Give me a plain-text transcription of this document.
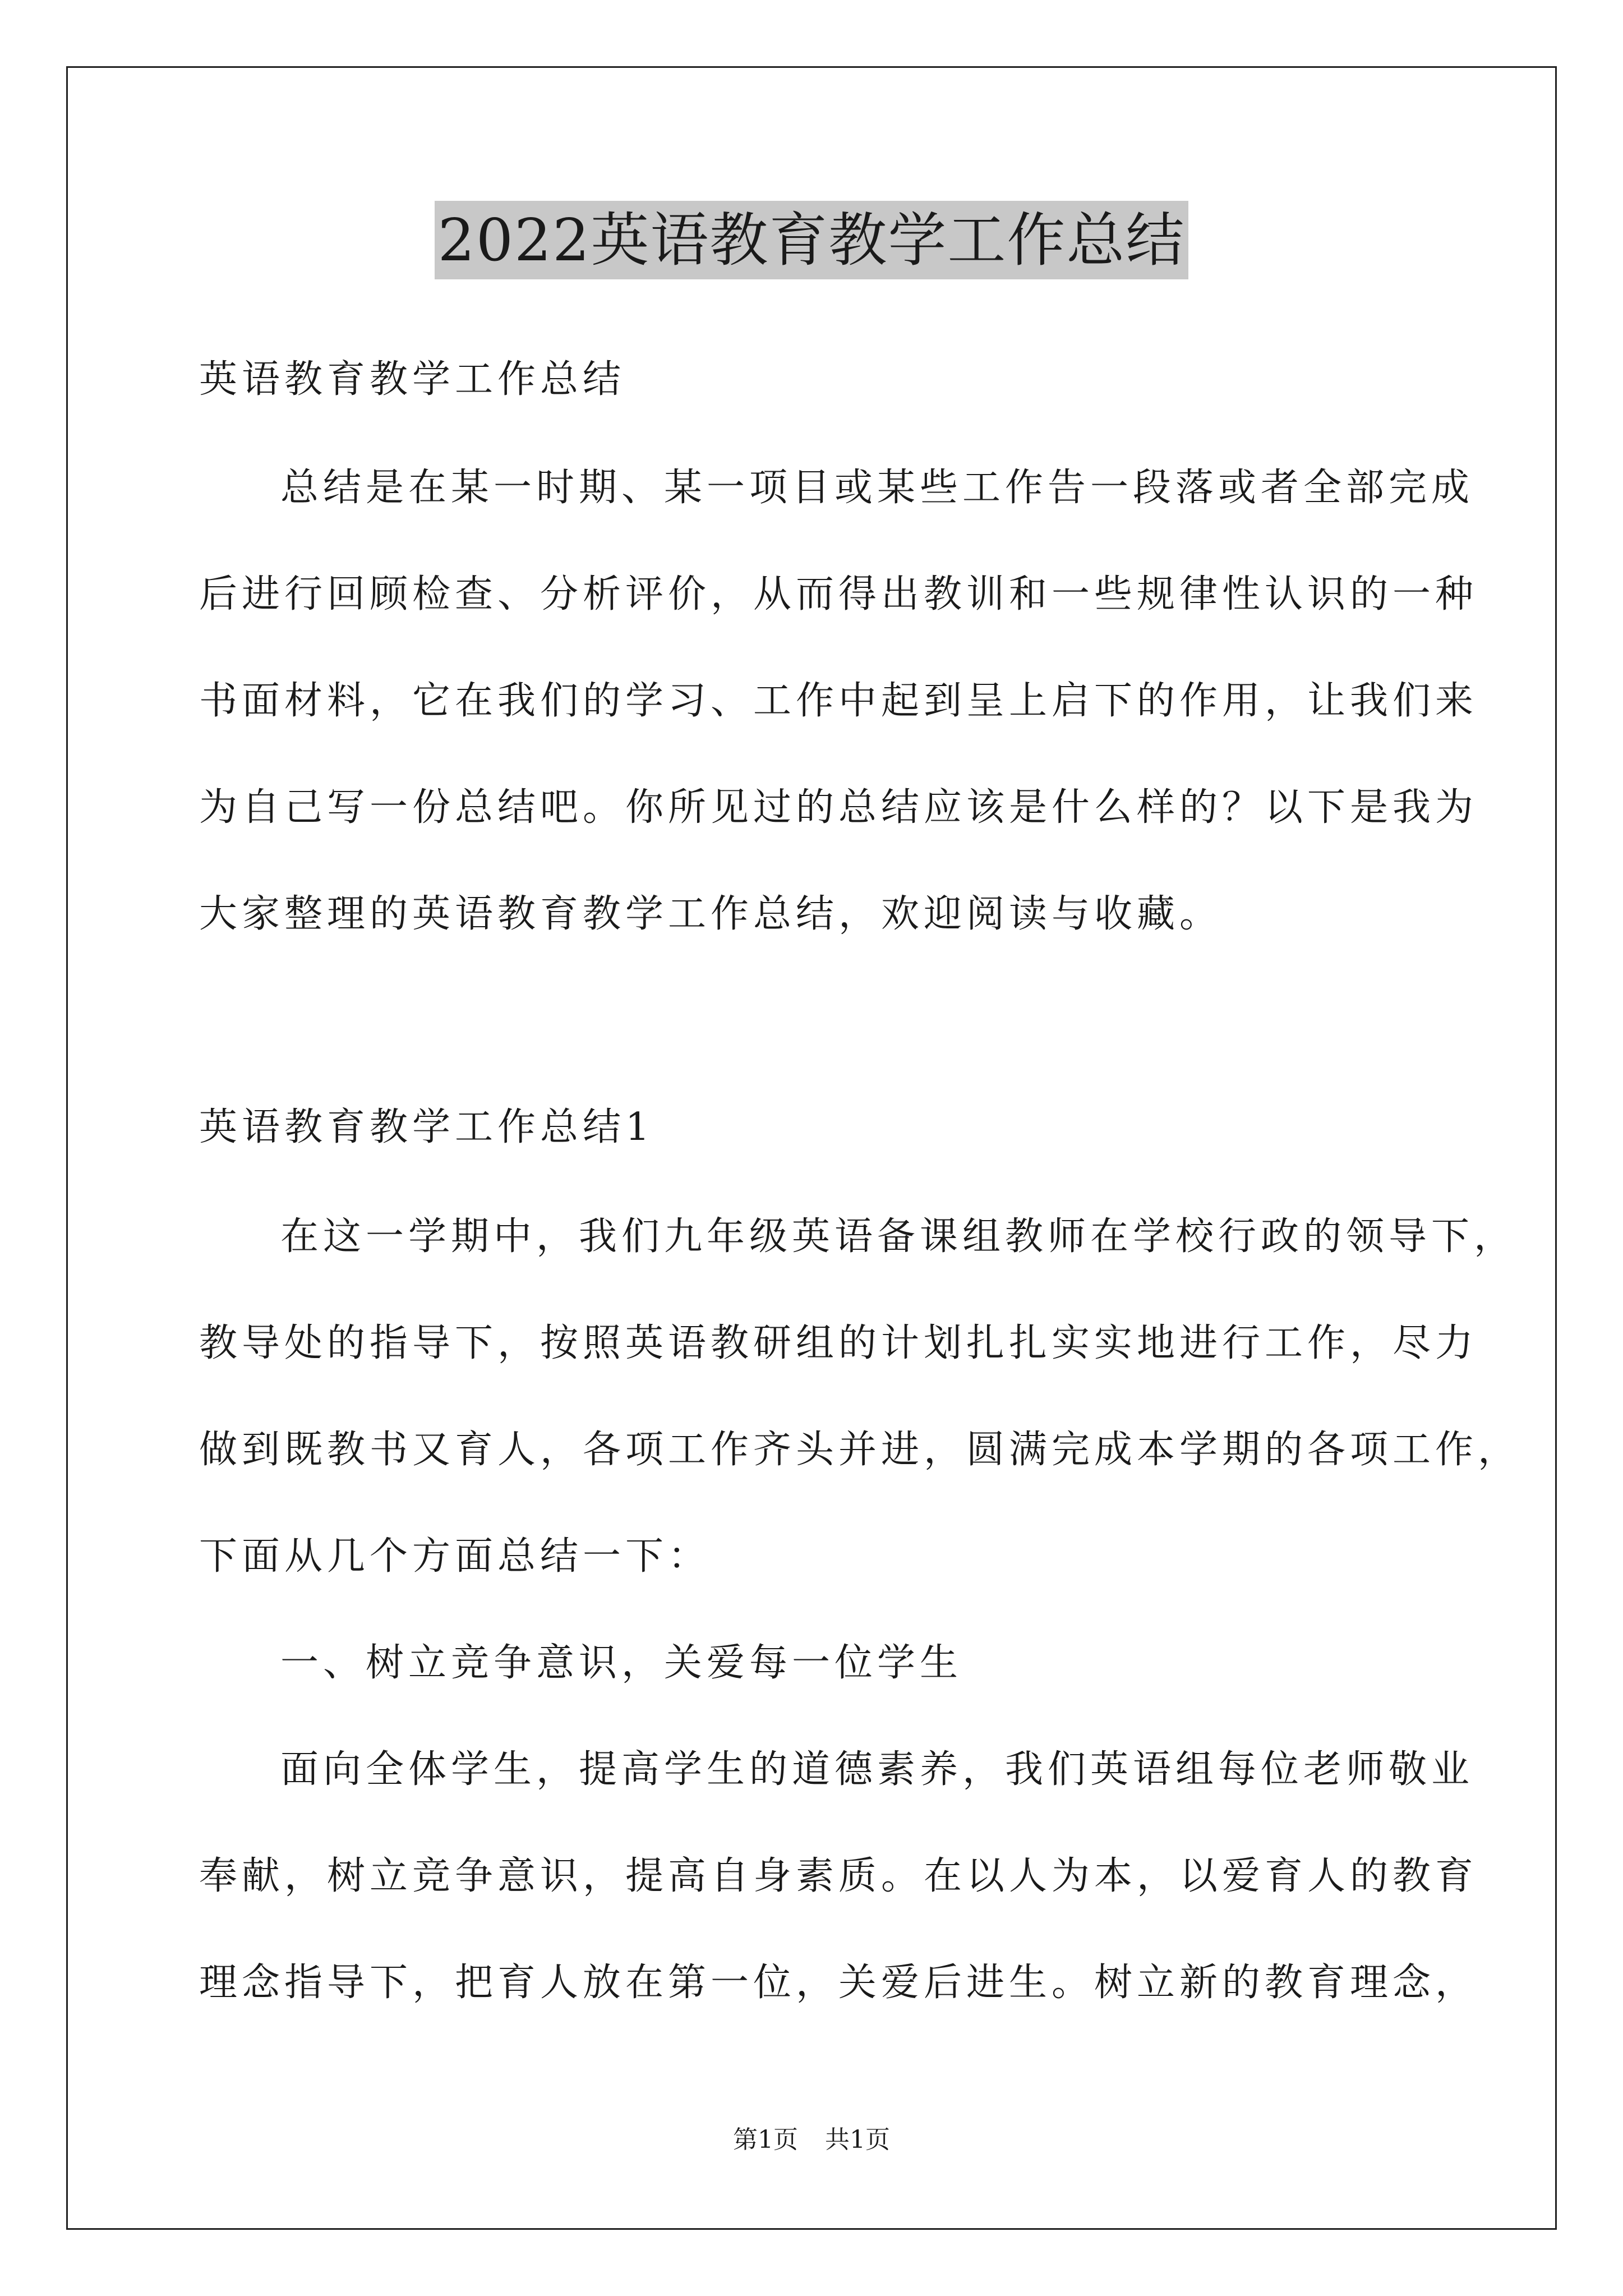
2022英语教育教学工作总结
英语教育教学工作总结
总结是在某一时期、某一项目或某些工作告一段落或者全部完成
后进行回顾检查、分析评价，从而得出教训和一些规律性认识的一种
书面材料，它在我们的学习、工作中起到呈上启下的作用，让我们来
为自己写一份总结吧。你所见过的总结应该是什么样的？以下是我为
大家整理的英语教育教学工作总结，欢迎阅读与收藏。
英语教育教学工作总结1
在这一学期中，我们九年级英语备课组教师在学校行政的领导下，
教导处的指导下，按照英语教研组的计划扎扎实实地进行工作，尽力
做到既教书又育人，各项工作齐头并进，圆满完成本学期的各项工作，
下面从几个方面总结一下：
一、树立竞争意识，关爱每一位学生
面向全体学生，提高学生的道德素养，我们英语组每位老师敬业
奉献，树立竞争意识，提高自身素质。在以人为本，以爱育人的教育
理念指导下，把育人放在第一位，关爱后进生。树立新的教育理念，
第1页 共1页
